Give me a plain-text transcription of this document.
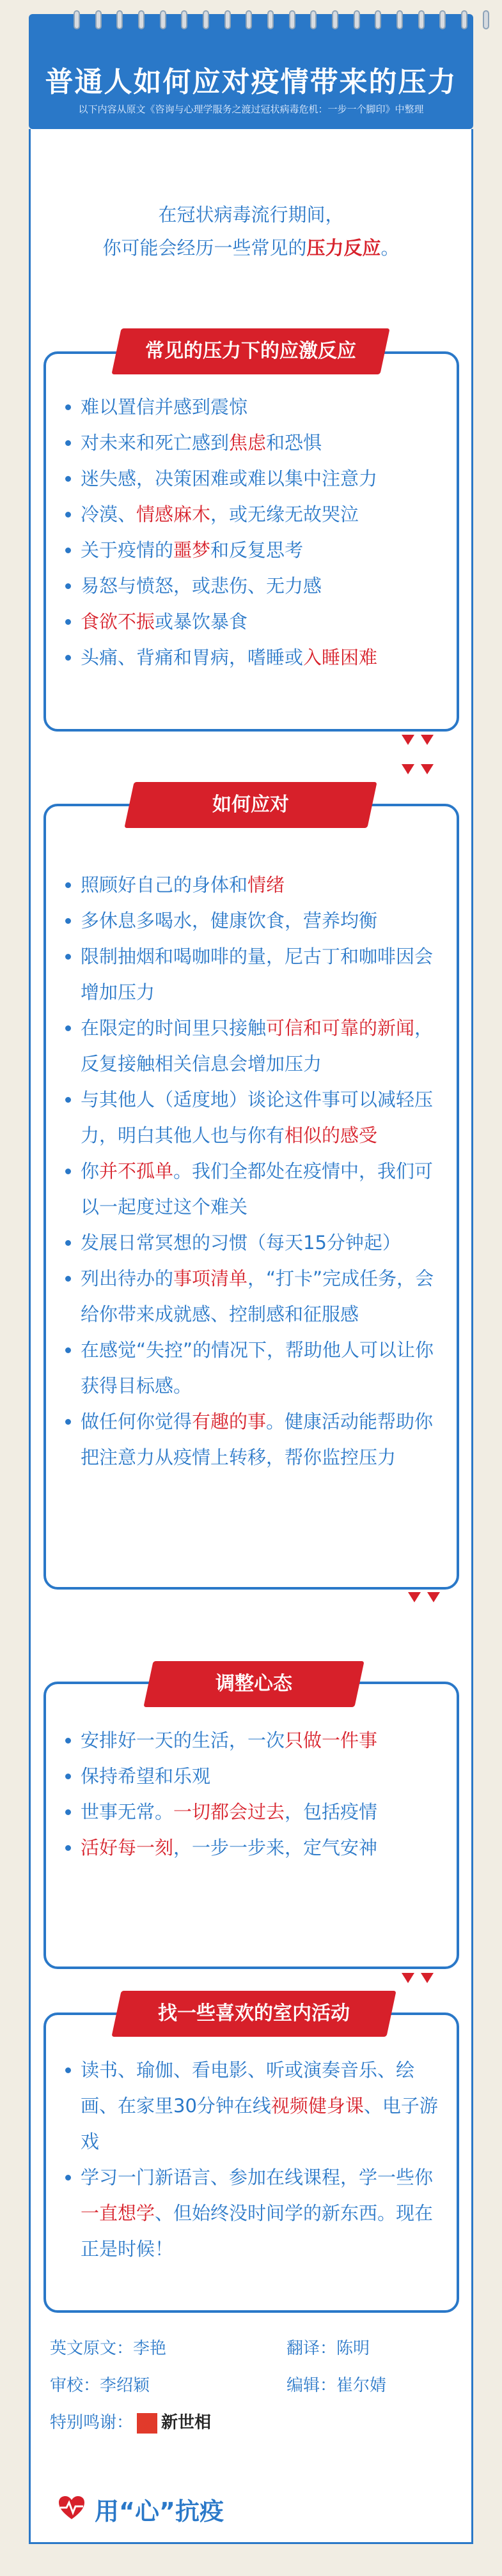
普通人如何应对疫情带来的压力
以下内容从原文《咨询与心理学服务之渡过冠状病毒危机：一步一个脚印》中整理
在冠状病毒流行期间，
你可能会经历一些常见的压力反应。
常见的压力下的应激反应
难以置信并感到震惊
对未来和死亡感到焦虑和恐惧
迷失感，决策困难或难以集中注意力
冷漠、情感麻木，或无缘无故哭泣
关于疫情的噩梦和反复思考
易怒与愤怒，或悲伤、无力感
食欲不振或暴饮暴食
头痛、背痛和胃病，嗜睡或入睡困难
如何应对
照顾好自己的身体和情绪
多休息多喝水，健康饮食，营养均衡
限制抽烟和喝咖啡的量，尼古丁和咖啡因会增加压力
在限定的时间里只接触可信和可靠的新闻，反复接触相关信息会增加压力
与其他人（适度地）谈论这件事可以减轻压力，明白其他人也与你有相似的感受
你并不孤单。我们全都处在疫情中，我们可以一起度过这个难关
发展日常冥想的习惯（每天15分钟起）
列出待办的事项清单，“打卡”完成任务，会给你带来成就感、控制感和征服感
在感觉“失控”的情况下，帮助他人可以让你获得目标感。
做任何你觉得有趣的事。健康活动能帮助你把注意力从疫情上转移，帮你监控压力
调整心态
安排好一天的生活，一次只做一件事
保持希望和乐观
世事无常。一切都会过去，包括疫情
活好每一刻，一步一步来，定气安神
找一些喜欢的室内活动
读书、瑜伽、看电影、听或演奏音乐、绘画、在家里30分钟在线视频健身课、电子游戏
学习一门新语言、参加在线课程，学一些你一直想学、但始终没时间学的新东西。现在正是时候！
英文原文：李艳	翻译：陈明
审校：李绍颖	编辑：崔尔婧
特别鸣谢： 新世相
用“心”抗疫
